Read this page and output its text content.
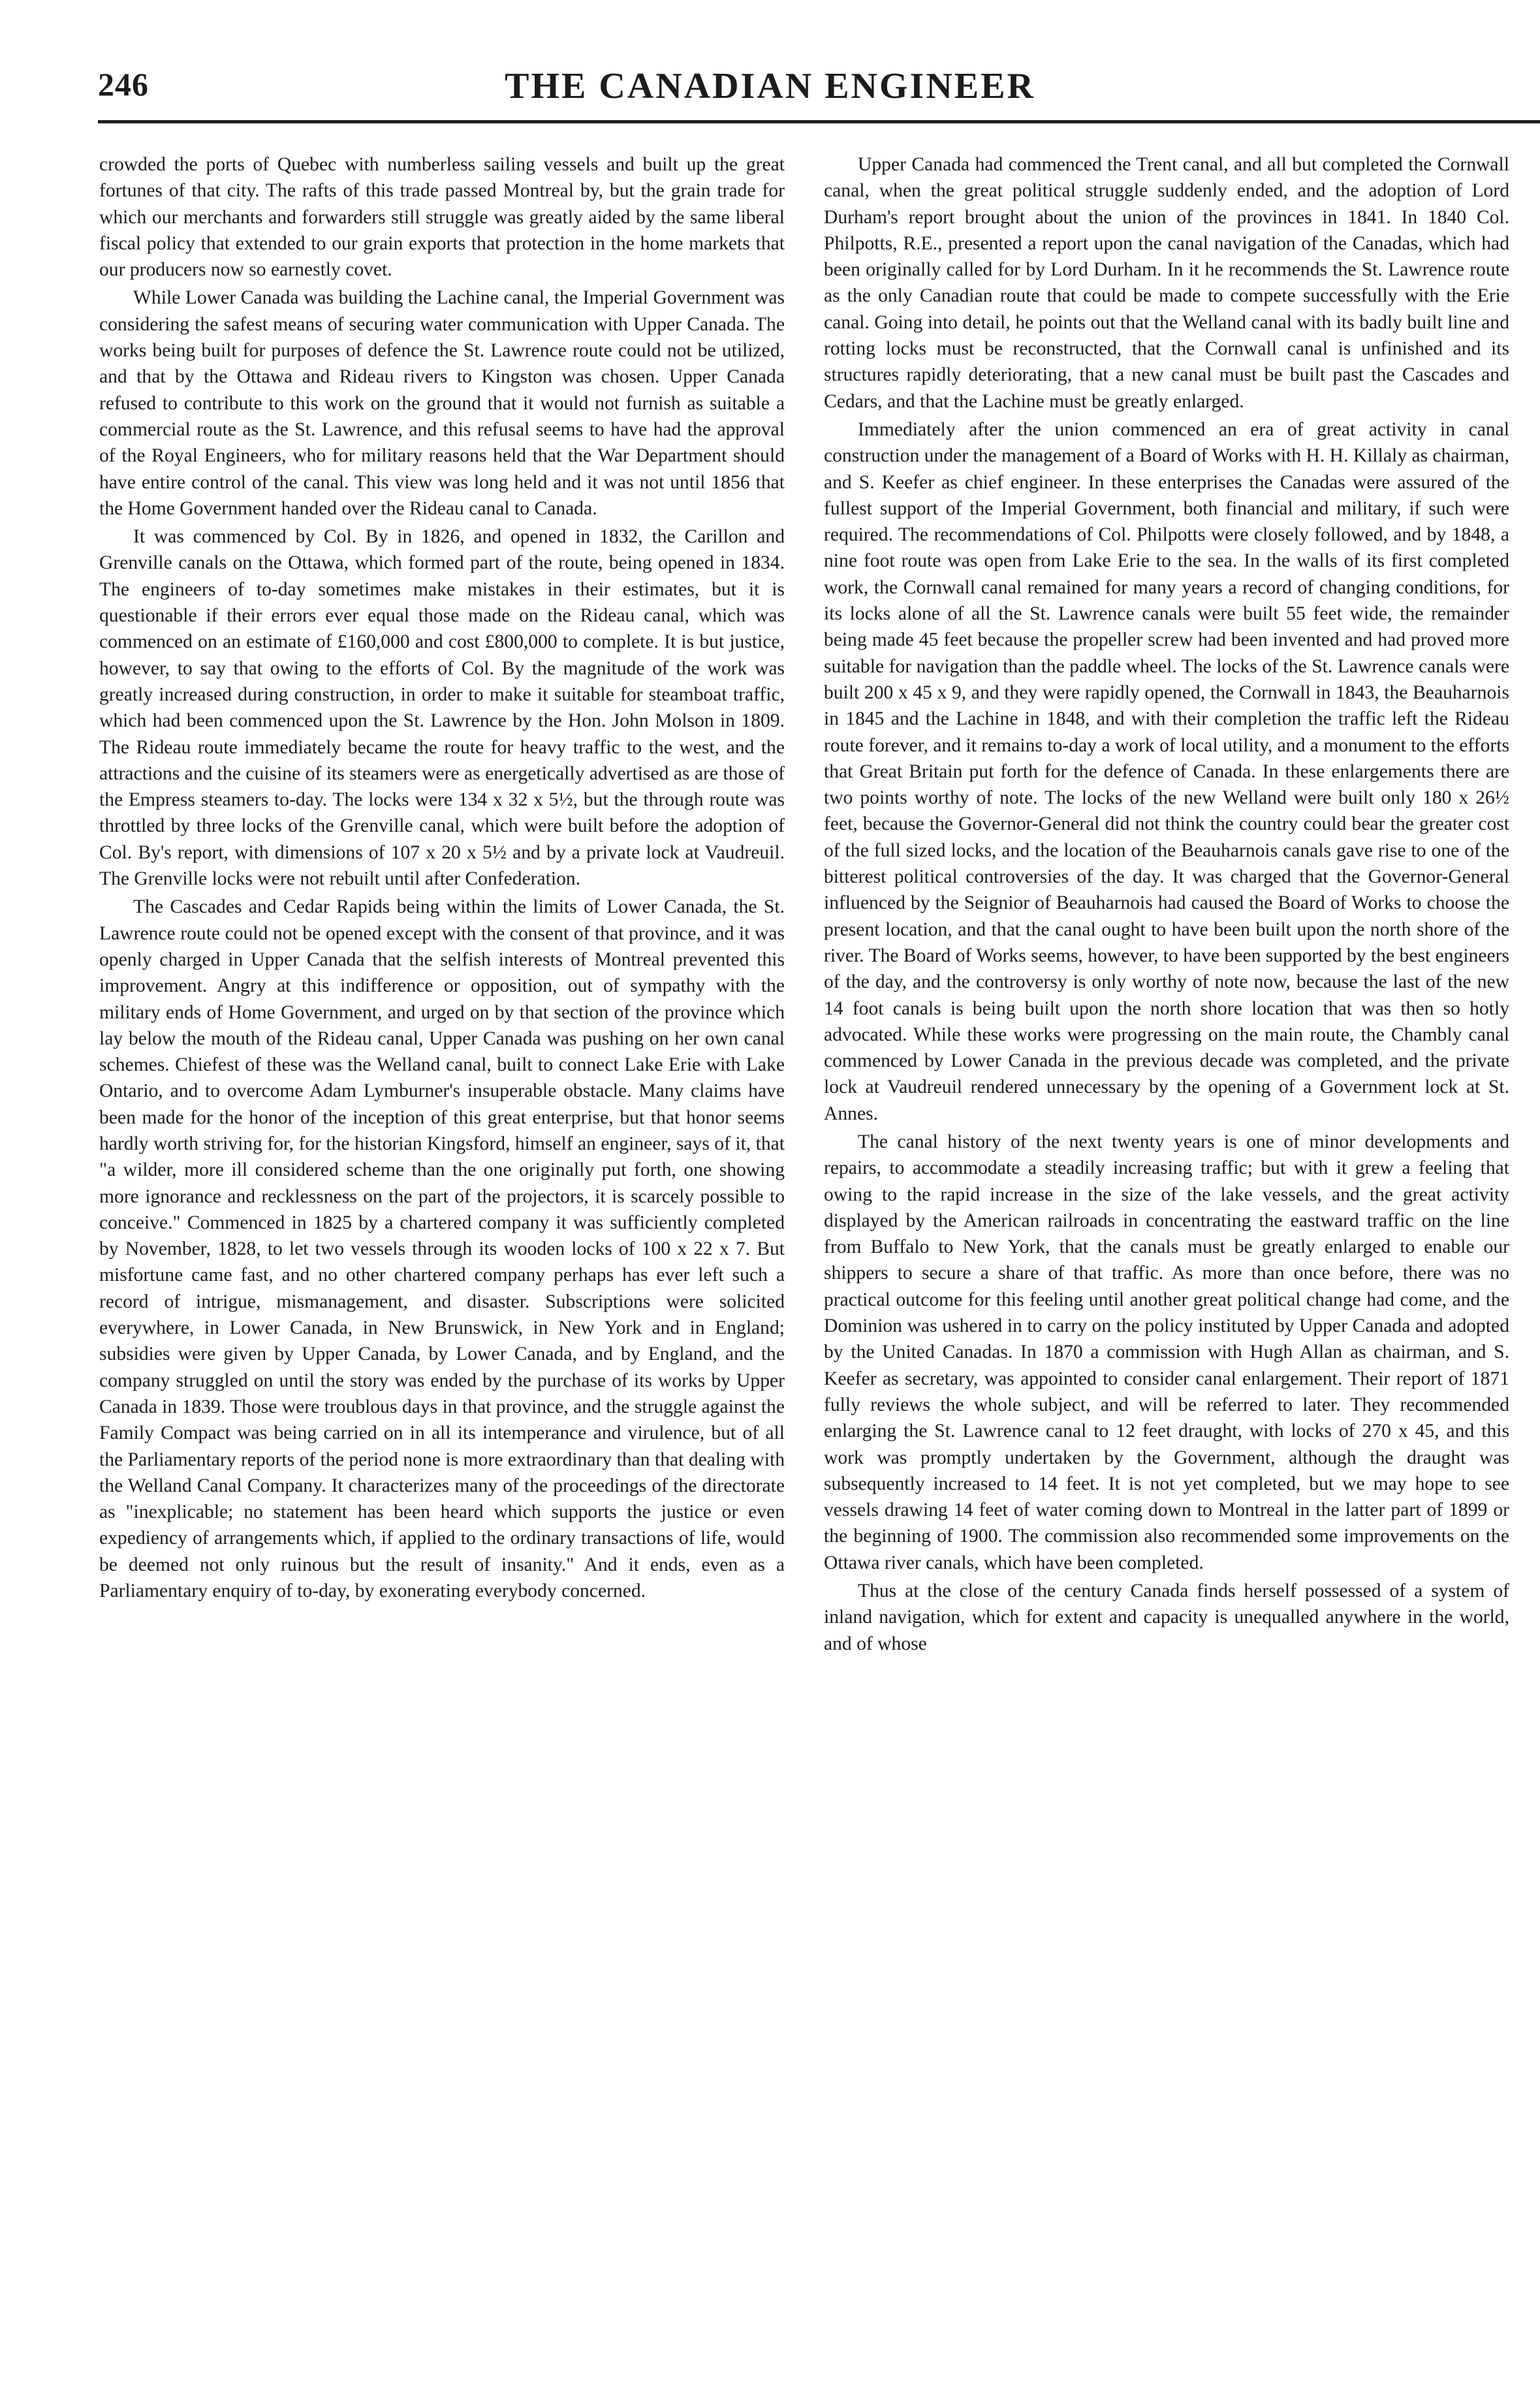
246	THE CANADIAN ENGINEER

crowded the ports of Quebec with numberless sailing vessels and built up the great fortunes of that city. The rafts of this trade passed Montreal by, but the grain trade for which our merchants and forwarders still struggle was greatly aided by the same liberal fiscal policy that extended to our grain exports that protection in the home markets that our producers now so earnestly covet.

While Lower Canada was building the Lachine canal, the Imperial Government was considering the safest means of securing water communication with Upper Canada. The works being built for purposes of defence the St. Lawrence route could not be utilized, and that by the Ottawa and Rideau rivers to Kingston was chosen. Upper Canada refused to contribute to this work on the ground that it would not furnish as suitable a commercial route as the St. Lawrence, and this refusal seems to have had the approval of the Royal Engineers, who for military reasons held that the War Department should have entire control of the canal. This view was long held and it was not until 1856 that the Home Government handed over the Rideau canal to Canada.

It was commenced by Col. By in 1826, and opened in 1832, the Carillon and Grenville canals on the Ottawa, which formed part of the route, being opened in 1834. The engineers of to-day sometimes make mistakes in their estimates, but it is questionable if their errors ever equal those made on the Rideau canal, which was commenced on an estimate of £160,000 and cost £800,000 to complete. It is but justice, however, to say that owing to the efforts of Col. By the magnitude of the work was greatly increased during construction, in order to make it suitable for steamboat traffic, which had been commenced upon the St. Lawrence by the Hon. John Molson in 1809. The Rideau route immediately became the route for heavy traffic to the west, and the attractions and the cuisine of its steamers were as energetically advertised as are those of the Empress steamers to-day. The locks were 134 x 32 x 5½, but the through route was throttled by three locks of the Grenville canal, which were built before the adoption of Col. By's report, with dimensions of 107 x 20 x 5½ and by a private lock at Vaudreuil. The Grenville locks were not rebuilt until after Confederation.

The Cascades and Cedar Rapids being within the limits of Lower Canada, the St. Lawrence route could not be opened except with the consent of that province, and it was openly charged in Upper Canada that the selfish interests of Montreal prevented this improvement. Angry at this indifference or opposition, out of sympathy with the military ends of Home Government, and urged on by that section of the province which lay below the mouth of the Rideau canal, Upper Canada was pushing on her own canal schemes. Chiefest of these was the Welland canal, built to connect Lake Erie with Lake Ontario, and to overcome Adam Lymburner's insuperable obstacle. Many claims have been made for the honor of the inception of this great enterprise, but that honor seems hardly worth striving for, for the historian Kingsford, himself an engineer, says of it, that "a wilder, more ill considered scheme than the one originally put forth, one showing more ignorance and recklessness on the part of the projectors, it is scarcely possible to conceive." Commenced in 1825 by a chartered company it was sufficiently completed by November, 1828, to let two vessels through its wooden locks of 100 x 22 x 7. But misfortune came fast, and no other chartered company perhaps has ever left such a record of intrigue, mismanagement, and disaster. Subscriptions were solicited everywhere, in Lower Canada, in New Brunswick, in New York and in England; subsidies were given by Upper Canada, by Lower Canada, and by England, and the company struggled on until the story was ended by the purchase of its works by Upper Canada in 1839. Those were troublous days in that province, and the struggle against the Family Compact was being carried on in all its intemperance and virulence, but of all the Parliamentary reports of the period none is more extraordinary than that dealing with the Welland Canal Company. It characterizes many of the proceedings of the directorate as "inexplicable; no statement has been heard which supports the justice or even expediency of arrangements which, if applied to the ordinary transactions of life, would be deemed not only ruinous but the result of insanity." And it ends, even as a Parliamentary enquiry of to-day, by exonerating everybody concerned.

Upper Canada had commenced the Trent canal, and all but completed the Cornwall canal, when the great political struggle suddenly ended, and the adoption of Lord Durham's report brought about the union of the provinces in 1841. In 1840 Col. Philpotts, R.E., presented a report upon the canal navigation of the Canadas, which had been originally called for by Lord Durham. In it he recommends the St. Lawrence route as the only Canadian route that could be made to compete successfully with the Erie canal. Going into detail, he points out that the Welland canal with its badly built line and rotting locks must be reconstructed, that the Cornwall canal is unfinished and its structures rapidly deteriorating, that a new canal must be built past the Cascades and Cedars, and that the Lachine must be greatly enlarged.

Immediately after the union commenced an era of great activity in canal construction under the management of a Board of Works with H. H. Killaly as chairman, and S. Keefer as chief engineer. In these enterprises the Canadas were assured of the fullest support of the Imperial Government, both financial and military, if such were required. The recommendations of Col. Philpotts were closely followed, and by 1848, a nine foot route was open from Lake Erie to the sea. In the walls of its first completed work, the Cornwall canal remained for many years a record of changing conditions, for its locks alone of all the St. Lawrence canals were built 55 feet wide, the remainder being made 45 feet because the propeller screw had been invented and had proved more suitable for navigation than the paddle wheel. The locks of the St. Lawrence canals were built 200 x 45 x 9, and they were rapidly opened, the Cornwall in 1843, the Beauharnois in 1845 and the Lachine in 1848, and with their completion the traffic left the Rideau route forever, and it remains to-day a work of local utility, and a monument to the efforts that Great Britain put forth for the defence of Canada. In these enlargements there are two points worthy of note. The locks of the new Welland were built only 180 x 26½ feet, because the Governor-General did not think the country could bear the greater cost of the full sized locks, and the location of the Beauharnois canals gave rise to one of the bitterest political controversies of the day. It was charged that the Governor-General influenced by the Seignior of Beauharnois had caused the Board of Works to choose the present location, and that the canal ought to have been built upon the north shore of the river. The Board of Works seems, however, to have been supported by the best engineers of the day, and the controversy is only worthy of note now, because the last of the new 14 foot canals is being built upon the north shore location that was then so hotly advocated. While these works were progressing on the main route, the Chambly canal commenced by Lower Canada in the previous decade was completed, and the private lock at Vaudreuil rendered unnecessary by the opening of a Government lock at St. Annes.

The canal history of the next twenty years is one of minor developments and repairs, to accommodate a steadily increasing traffic; but with it grew a feeling that owing to the rapid increase in the size of the lake vessels, and the great activity displayed by the American railroads in concentrating the eastward traffic on the line from Buffalo to New York, that the canals must be greatly enlarged to enable our shippers to secure a share of that traffic. As more than once before, there was no practical outcome for this feeling until another great political change had come, and the Dominion was ushered in to carry on the policy instituted by Upper Canada and adopted by the United Canadas. In 1870 a commission with Hugh Allan as chairman, and S. Keefer as secretary, was appointed to consider canal enlargement. Their report of 1871 fully reviews the whole subject, and will be referred to later. They recommended enlarging the St. Lawrence canal to 12 feet draught, with locks of 270 x 45, and this work was promptly undertaken by the Government, although the draught was subsequently increased to 14 feet. It is not yet completed, but we may hope to see vessels drawing 14 feet of water coming down to Montreal in the latter part of 1899 or the beginning of 1900. The commission also recommended some improvements on the Ottawa river canals, which have been completed.

Thus at the close of the century Canada finds herself possessed of a system of inland navigation, which for extent and capacity is unequalled anywhere in the world, and of whose
